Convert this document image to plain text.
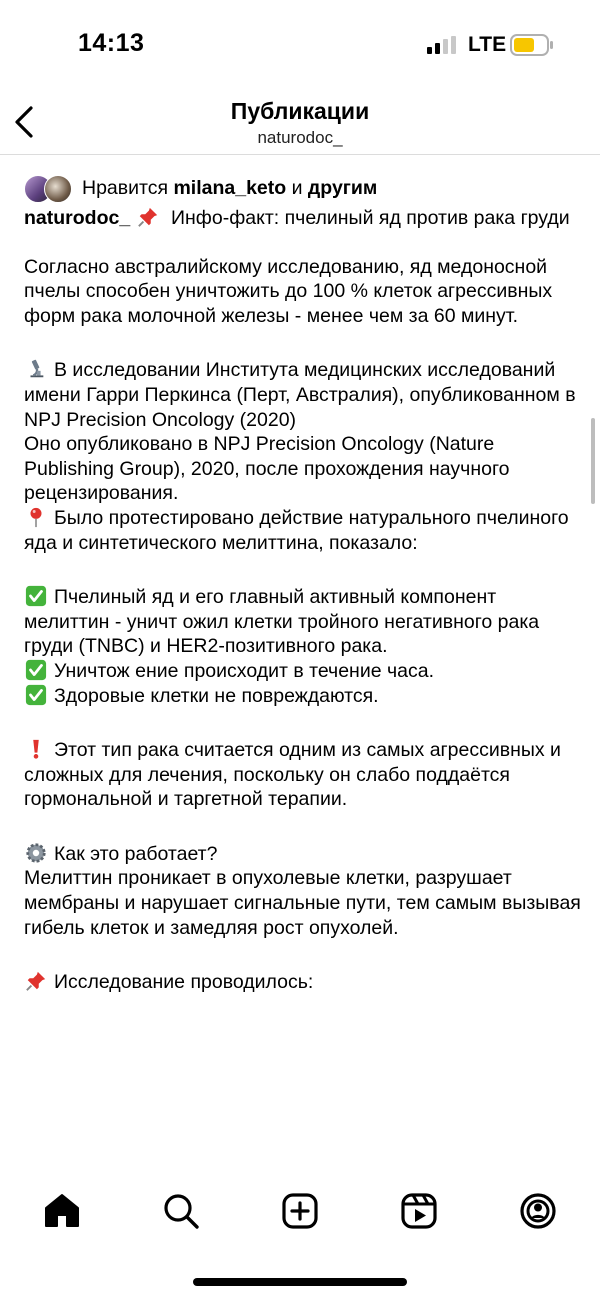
14:13	LTE
Публикации
naturodoc_
Нравится milana_keto и другим

naturodoc_  Инфо-факт: пчелиный яд против рака груди

Согласно австралийскому исследованию, яд медоносной пчелы способен уничтожить до 100 % клеток агрессивных форм рака молочной железы - менее чем за 60 минут.

В исследовании Института медицинских исследований имени Гарри Перкинса (Перт, Австралия), опубликованном в NPJ Precision Oncology (2020)

Оно опубликовано в NPJ Precision Oncology (Nature Publishing Group), 2020, после прохождения научного рецензирования.

Было протестировано действие натурального пчелиного яда и синтетического мелиттина, показало:

Пчелиный яд и его главный активный компонент мелиттин - уничт ожил клетки тройного негативного рака груди (TNBC) и HER2-позитивного рака.

Уничтож ение происходит в течение часа.

Здоровые клетки не повреждаются.

Этот тип рака считается одним из самых агрессивных и сложных для лечения, поскольку он слабо поддаётся гормональной и таргетной терапии.

Как это работает?

Мелиттин проникает в опухолевые клетки, разрушает мембраны и нарушает сигнальные пути, тем самым вызывая гибель клеток и замедляя рост опухолей.

Исследование проводилось:
